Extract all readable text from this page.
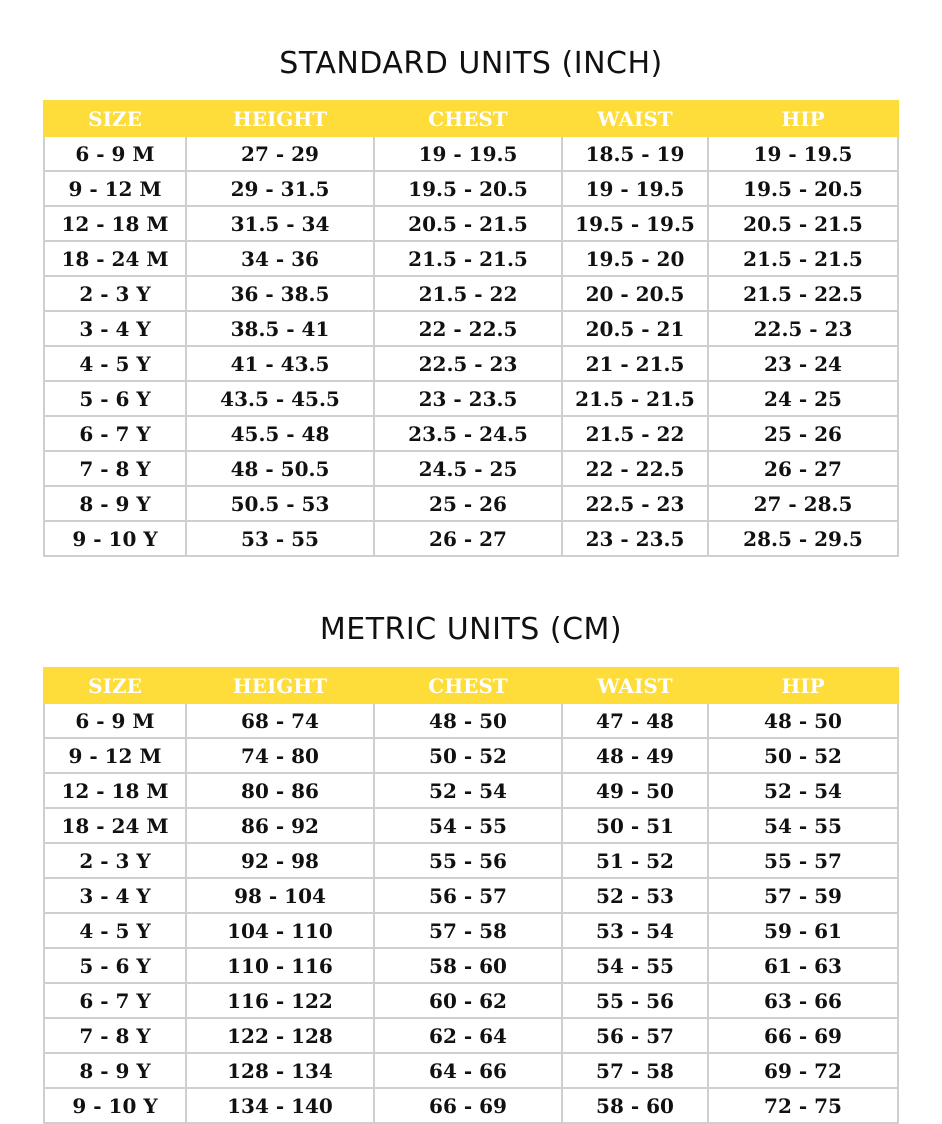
STANDARD UNITS (INCH)
SIZE	HEIGHT	CHEST	WAIST	HIP
6 - 9 M	27 - 29	19 - 19.5	18.5 - 19	19 - 19.5
9 - 12 M	29 - 31.5	19.5 - 20.5	19 - 19.5	19.5 - 20.5
12 - 18 M	31.5 - 34	20.5 - 21.5	19.5 - 19.5	20.5 - 21.5
18 - 24 M	34 - 36	21.5 - 21.5	19.5 - 20	21.5 - 21.5
2 - 3 Y	36 - 38.5	21.5 - 22	20 - 20.5	21.5 - 22.5
3 - 4 Y	38.5 - 41	22 - 22.5	20.5 - 21	22.5 - 23
4 - 5 Y	41 - 43.5	22.5 - 23	21 - 21.5	23 - 24
5 - 6 Y	43.5 - 45.5	23 - 23.5	21.5 - 21.5	24 - 25
6 - 7 Y	45.5 - 48	23.5 - 24.5	21.5 - 22	25 - 26
7 - 8 Y	48 - 50.5	24.5 - 25	22 - 22.5	26 - 27
8 - 9 Y	50.5 - 53	25 - 26	22.5 - 23	27 - 28.5
9 - 10 Y	53 - 55	26 - 27	23 - 23.5	28.5 - 29.5
METRIC UNITS (CM)
SIZE	HEIGHT	CHEST	WAIST	HIP
6 - 9 M	68 - 74	48 - 50	47 - 48	48 - 50
9 - 12 M	74 - 80	50 - 52	48 - 49	50 - 52
12 - 18 M	80 - 86	52 - 54	49 - 50	52 - 54
18 - 24 M	86 - 92	54 - 55	50 - 51	54 - 55
2 - 3 Y	92 - 98	55 - 56	51 - 52	55 - 57
3 - 4 Y	98 - 104	56 - 57	52 - 53	57 - 59
4 - 5 Y	104 - 110	57 - 58	53 - 54	59 - 61
5 - 6 Y	110 - 116	58 - 60	54 - 55	61 - 63
6 - 7 Y	116 - 122	60 - 62	55 - 56	63 - 66
7 - 8 Y	122 - 128	62 - 64	56 - 57	66 - 69
8 - 9 Y	128 - 134	64 - 66	57 - 58	69 - 72
9 - 10 Y	134 - 140	66 - 69	58 - 60	72 - 75
